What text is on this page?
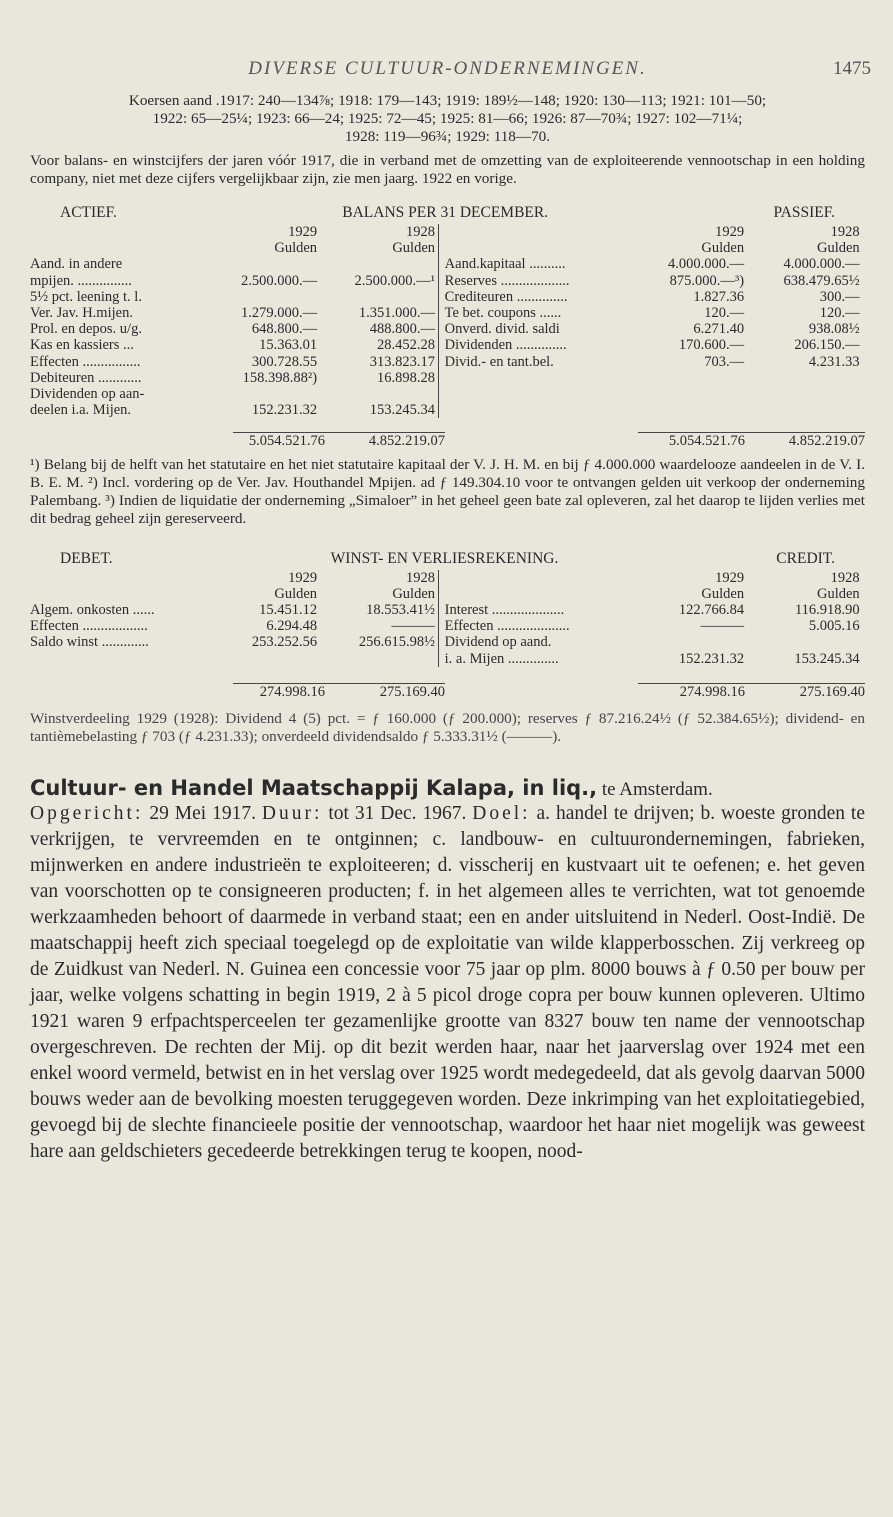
DIVERSE CULTUUR-ONDERNEMINGEN.	1475
Koersen aand .1917: 240—134⅞; 1918: 179—143; 1919: 189½—148; 1920: 130—113; 1921: 101—50;
1922: 65—25¼; 1923: 66—24; 1925: 72—45; 1925: 81—66; 1926: 87—70¾; 1927: 102—71¼;
1928: 119—96¾; 1929: 118—70.
Voor balans- en winstcijfers der jaren vóór 1917, die in verband met de omzetting van de exploiteerende vennootschap in een holding company, niet met deze cijfers vergelijkbaar zijn, zie men jaarg. 1922 en vorige.
ACTIEF.	BALANS PER 31 DECEMBER.	PASSIEF.
	1929	1928
	Gulden	Gulden
Aand. in andere		
mpijen. ...............	2.500.000.—	2.500.000.—¹
5½ pct. leening t. l.		
Ver. Jav. H.mijen.	1.279.000.—	1.351.000.—
Prol. en depos. u/g.	648.800.—	488.800.—
Kas en kassiers ...	15.363.01	28.452.28
Effecten ................	300.728.55	313.823.17
Debiteuren ............	158.398.88²)	16.898.28
Dividenden op aan-		
deelen i.a. Mijen.	152.231.32	153.245.34

	1929	1928
	Gulden	Gulden
Aand.kapitaal ..........	4.000.000.—	4.000.000.—
Reserves ...................	875.000.—³)	638.479.65½
Crediteuren ..............	1.827.36	300.—
Te bet. coupons ......	120.—	120.—
Onverd. divid. saldi	6.271.40	938.08½
Dividenden ..............	170.600.—	206.150.—
Divid.- en tant.bel.	703.—	4.231.33
	5.054.521.76	4.852.219.07		5.054.521.76	4.852.219.07
¹) Belang bij de helft van het statutaire en het niet statutaire kapitaal der V. J. H. M. en bij ƒ 4.000.000 waardelooze aandeelen in de V. I. B. E. M. ²) Incl. vordering op de Ver. Jav. Houthandel Mpijen. ad ƒ 149.304.10 voor te ontvangen gelden uit verkoop der onderneming Palembang. ³) Indien de liquidatie der onderneming „Simaloer” in het geheel geen bate zal opleveren, zal het daarop te lijden verlies met dit bedrag geheel zijn gereserveerd.
DEBET.	WINST- EN VERLIESREKENING.	CREDIT.
	1929	1928
	Gulden	Gulden
Algem. onkosten ......	15.451.12	18.553.41½
Effecten ..................	6.294.48	———
Saldo winst .............	253.252.56	256.615.98½

	1929	1928
	Gulden	Gulden
Interest ....................	122.766.84	116.918.90
Effecten ....................	———	5.005.16
Dividend op aand.		
i. a. Mijen ..............	152.231.32	153.245.34
	274.998.16	275.169.40		274.998.16	275.169.40
Winstverdeeling 1929 (1928): Dividend 4 (5) pct. = ƒ 160.000 (ƒ 200.000); reserves ƒ 87.216.24½ (ƒ 52.384.65½); dividend- en tantièmebelasting ƒ 703 (ƒ 4.231.33); onverdeeld dividendsaldo ƒ 5.333.31½ (———).
Cultuur- en Handel Maatschappij Kalapa, in liq., te Amsterdam.
Opgericht: 29 Mei 1917. Duur: tot 31 Dec. 1967. Doel: a. handel te drijven; b. woeste gronden te verkrijgen, te vervreemden en te ontginnen; c. landbouw- en cultuurondernemingen, fabrieken, mijnwerken en andere industrieën te exploiteeren; d. visscherij en kustvaart uit te oefenen; e. het geven van voorschotten op te consigneeren producten; f. in het algemeen alles te verrichten, wat tot genoemde werkzaamheden behoort of daarmede in verband staat; een en ander uitsluitend in Nederl. Oost-Indië. De maatschappij heeft zich speciaal toegelegd op de exploitatie van wilde klapperbosschen. Zij verkreeg op de Zuidkust van Nederl. N. Guinea een concessie voor 75 jaar op plm. 8000 bouws à ƒ 0.50 per bouw per jaar, welke volgens schatting in begin 1919, 2 à 5 picol droge copra per bouw kunnen opleveren. Ultimo 1921 waren 9 erfpachtsperceelen ter gezamenlijke grootte van 8327 bouw ten name der vennootschap overgeschreven. De rechten der Mij. op dit bezit werden haar, naar het jaarverslag over 1924 met een enkel woord vermeld, betwist en in het verslag over 1925 wordt medegedeeld, dat als gevolg daarvan 5000 bouws weder aan de bevolking moesten teruggegeven worden. Deze inkrimping van het exploitatiegebied, gevoegd bij de slechte financieele positie der vennootschap, waardoor het haar niet mogelijk was geweest hare aan geldschieters gecedeerde betrekkingen terug te koopen, nood-
